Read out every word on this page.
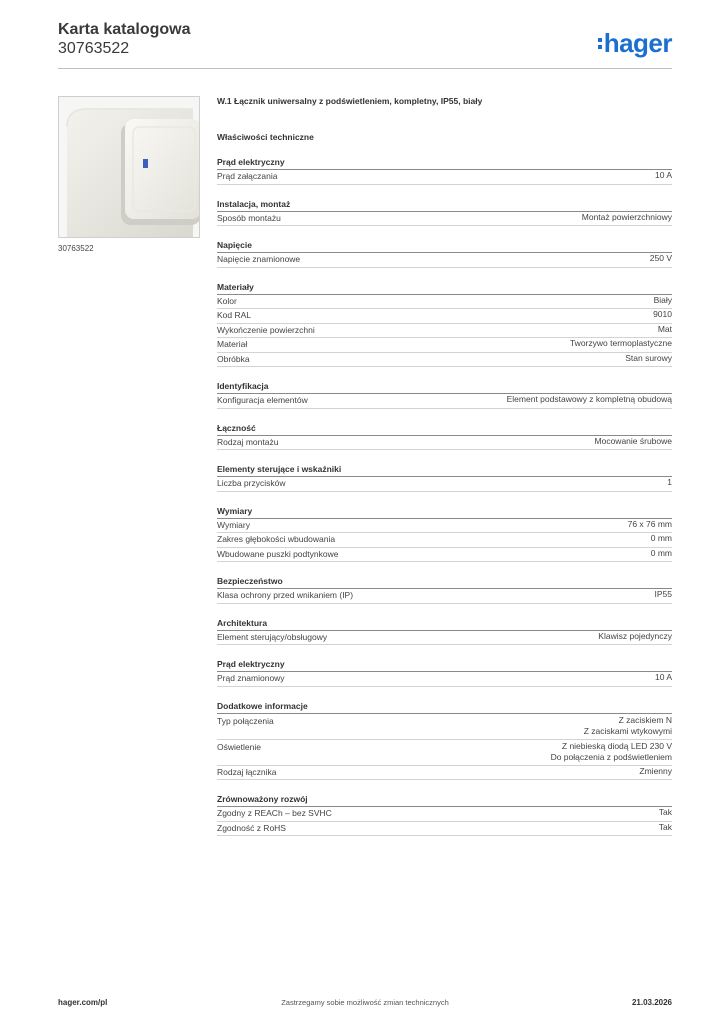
Karta katalogowa
30763522	hager
30763522
W.1 Łącznik uniwersalny z podświetleniem, kompletny, IP55, biały
Właściwości techniczne
Prąd elektryczny
Prąd załączania	10 A
Instalacja, montaż
Sposób montażu	Montaż powierzchniowy
Napięcie
Napięcie znamionowe	250 V
Materiały
Kolor	Biały
Kod RAL	9010
Wykończenie powierzchni	Mat
Materiał	Tworzywo termoplastyczne
Obróbka	Stan surowy
Identyfikacja
Konfiguracja elementów	Element podstawowy z kompletną obudową
Łączność
Rodzaj montażu	Mocowanie śrubowe
Elementy sterujące i wskaźniki
Liczba przycisków	1
Wymiary
Wymiary	76 x 76 mm
Zakres głębokości wbudowania	0 mm
Wbudowane puszki podtynkowe	0 mm
Bezpieczeństwo
Klasa ochrony przed wnikaniem (IP)	IP55
Architektura
Element sterujący/obsługowy	Klawisz pojedynczy
Prąd elektryczny
Prąd znamionowy	10 A
Dodatkowe informacje
Typ połączenia	Z zaciskiem N
Z zaciskami wtykowymi
Oświetlenie	Z niebieską diodą LED 230 V
Do połączenia z podświetleniem
Rodzaj łącznika	Zmienny
Zrównoważony rozwój
Zgodny z REACh – bez SVHC	Tak
Zgodność z RoHS	Tak
hager.com/pl	Zastrzegamy sobie możliwość zmian technicznych	21.03.2026
